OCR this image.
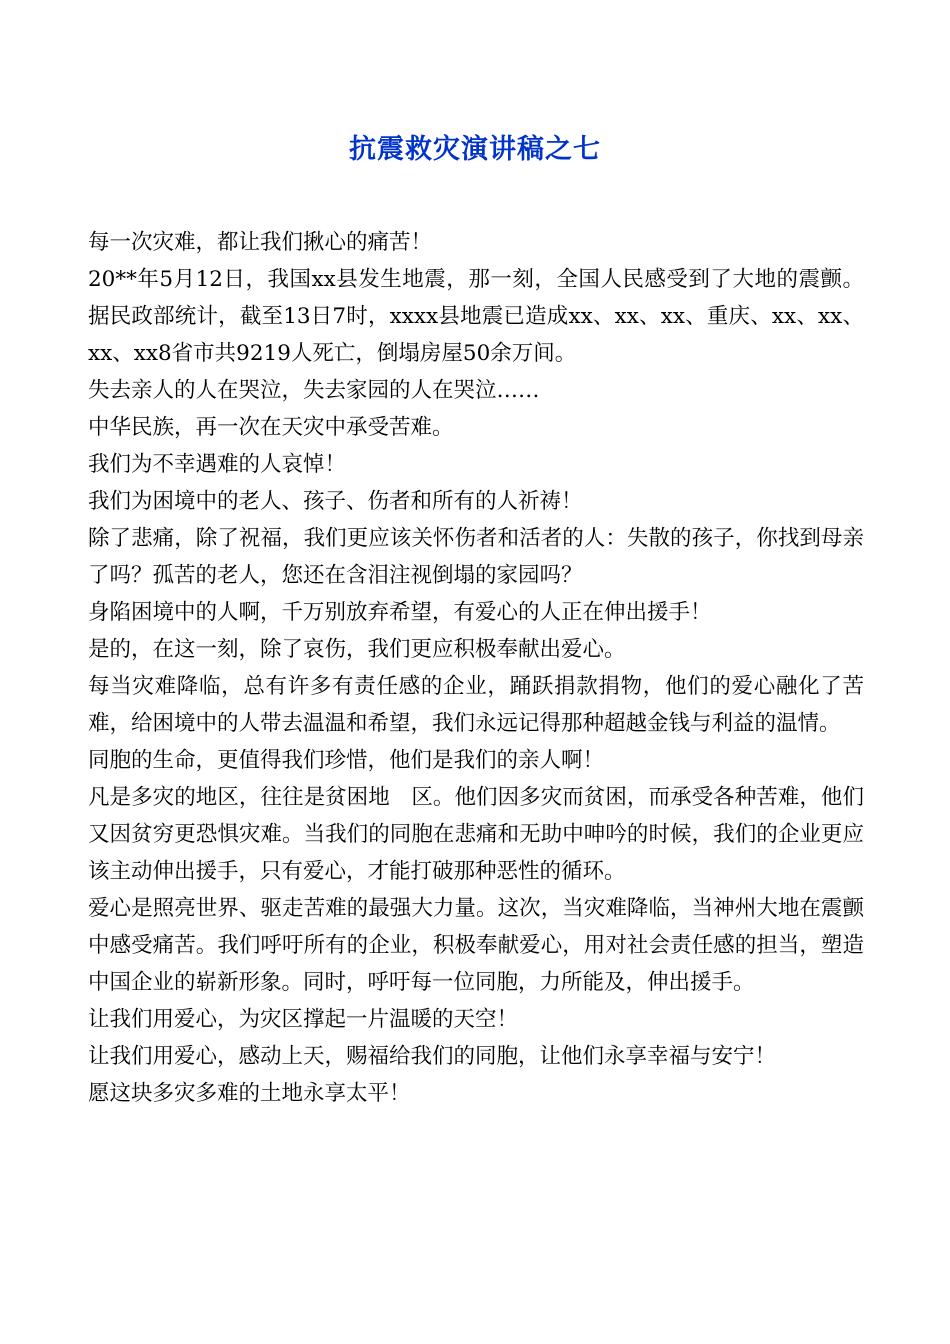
抗震救灾演讲稿之七

每一次灾难，都让我们揪心的痛苦！

20**年5月12日，我国xx县发生地震，那一刻，全国人民感受到了大地的震颤。据民政部统计，截至13日7时，xxxx县地震已造成xx、xx、xx、重庆、xx、xx、xx、xx8省市共9219人死亡，倒塌房屋50余万间。

失去亲人的人在哭泣，失去家园的人在哭泣……

中华民族，再一次在天灾中承受苦难。

我们为不幸遇难的人哀悼！

我们为困境中的老人、孩子、伤者和所有的人祈祷！

除了悲痛，除了祝福，我们更应该关怀伤者和活者的人：失散的孩子，你找到母亲了吗？孤苦的老人，您还在含泪注视倒塌的家园吗？

身陷困境中的人啊，千万别放弃希望，有爱心的人正在伸出援手！

是的，在这一刻，除了哀伤，我们更应积极奉献出爱心。

每当灾难降临，总有许多有责任感的企业，踊跃捐款捐物，他们的爱心融化了苦难，给困境中的人带去温温和希望，我们永远记得那种超越金钱与利益的温情。

同胞的生命，更值得我们珍惜，他们是我们的亲人啊！

凡是多灾的地区，往往是贫困地　区。他们因多灾而贫困，而承受各种苦难，他们又因贫穷更恐惧灾难。当我们的同胞在悲痛和无助中呻吟的时候，我们的企业更应该主动伸出援手，只有爱心，才能打破那种恶性的循环。

爱心是照亮世界、驱走苦难的最强大力量。这次，当灾难降临，当神州大地在震颤中感受痛苦。我们呼吁所有的企业，积极奉献爱心，用对社会责任感的担当，塑造中国企业的崭新形象。同时，呼吁每一位同胞，力所能及，伸出援手。

让我们用爱心，为灾区撑起一片温暖的天空！

让我们用爱心，感动上天，赐福给我们的同胞，让他们永享幸福与安宁！

愿这块多灾多难的土地永享太平！
